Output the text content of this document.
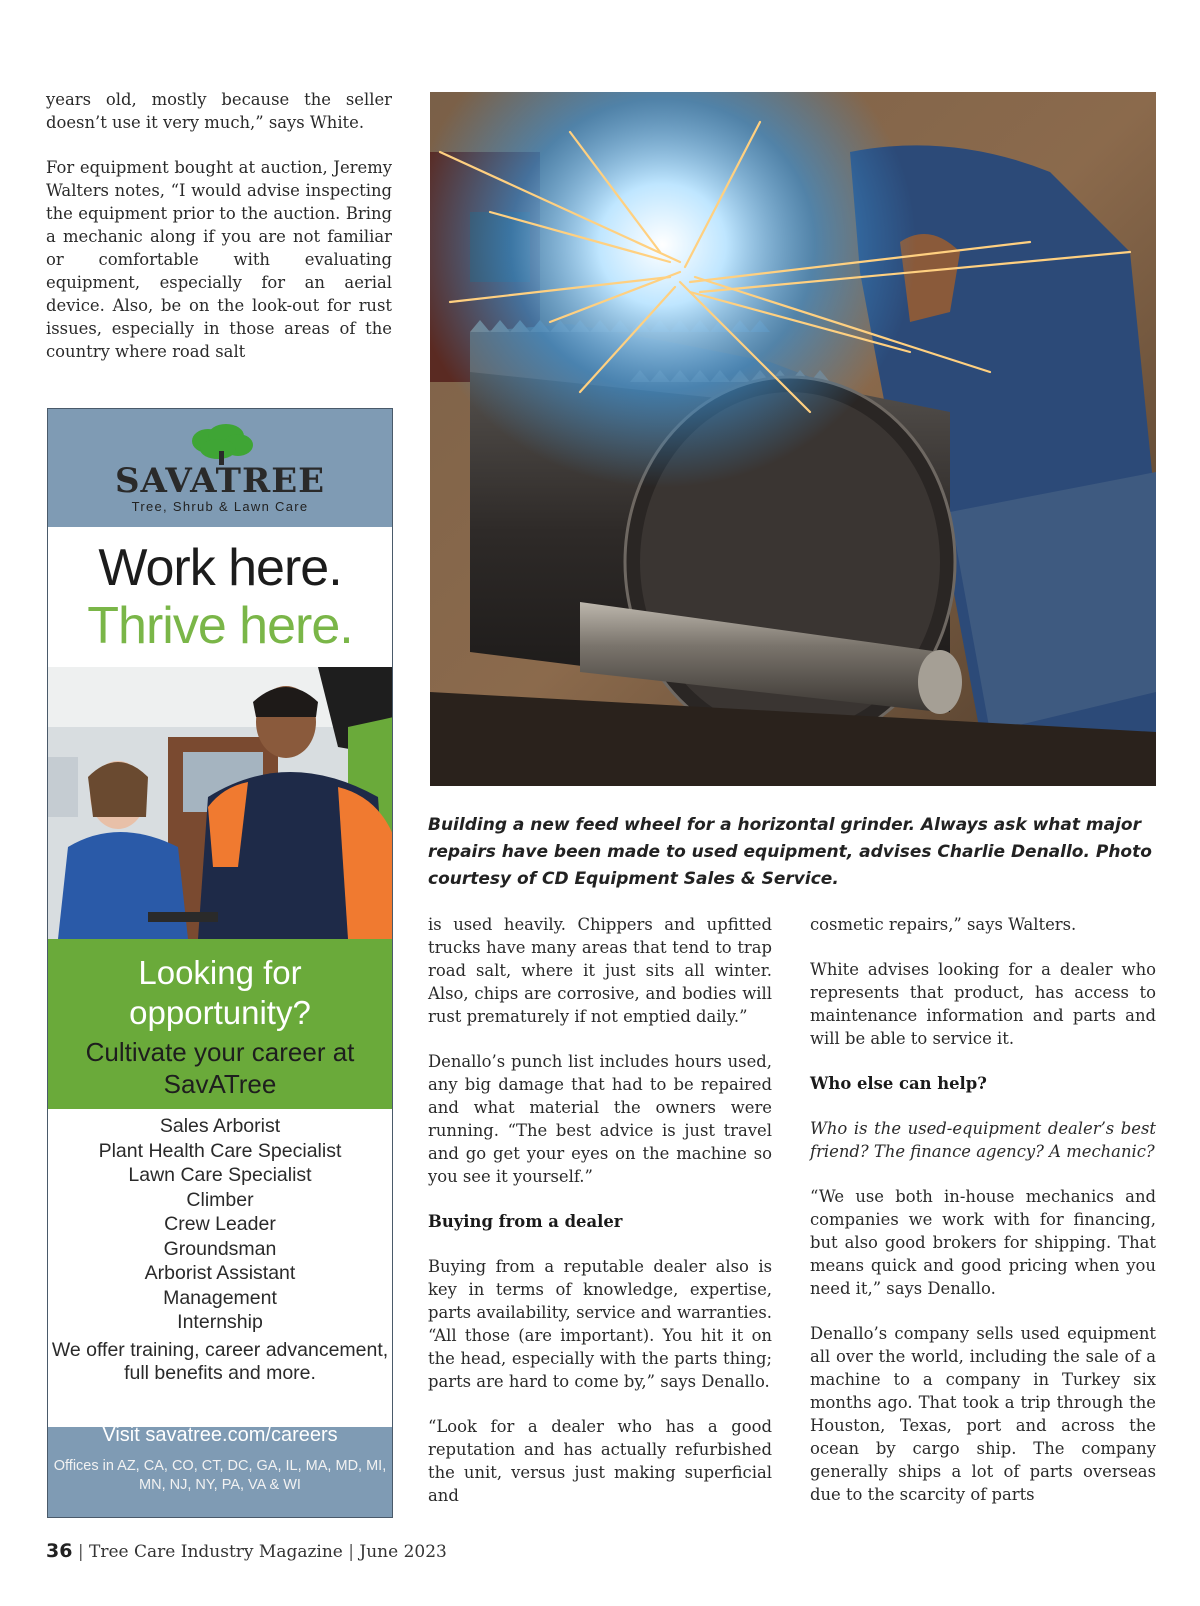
years old, mostly because the seller doesn’t use it very much,” says White.

For equipment bought at auction, Jeremy Walters notes, “I would advise inspecting the equipment prior to the auction. Bring a mechanic along if you are not familiar or comfortable with evaluating equipment, especially for an aerial device. Also, be on the look-out for rust issues, especially in those areas of the country where road salt

Building a new feed wheel for a horizontal grinder. Always ask what major repairs have been made to used equipment, advises Charlie Denallo. Photo courtesy of CD Equipment Sales & Service.

is used heavily. Chippers and upfitted trucks have many areas that tend to trap road salt, where it just sits all winter. Also, chips are corrosive, and bodies will rust prematurely if not emptied daily.”

Denallo’s punch list includes hours used, any big damage that had to be repaired and what material the owners were running. “The best advice is just travel and go get your eyes on the machine so you see it yourself.”

Buying from a dealer

Buying from a reputable dealer also is key in terms of knowledge, expertise, parts availability, service and warranties. “All those (are important). You hit it on the head, especially with the parts thing; parts are hard to come by,” says Denallo.

“Look for a dealer who has a good reputation and has actually refurbished the unit, versus just making superficial and

cosmetic repairs,” says Walters.

White advises looking for a dealer who represents that product, has access to maintenance information and parts and will be able to service it.

Who else can help?

Who is the used-equipment dealer’s best friend? The finance agency? A mechanic?

“We use both in-house mechanics and companies we work with for financing, but also good brokers for shipping. That means quick and good pricing when you need it,” says Denallo.

Denallo’s company sells used equipment all over the world, including the sale of a machine to a company in Turkey six months ago. That took a trip through the Houston, Texas, port and across the ocean by cargo ship. The company generally ships a lot of parts overseas due to the scarcity of parts

SAVATREE
Tree, Shrub & Lawn Care
Work here.
Thrive here.
Looking for opportunity?
Cultivate your career at SavATree
Sales Arborist
Plant Health Care Specialist
Lawn Care Specialist
Climber
Crew Leader
Groundsman
Arborist Assistant
Management
Internship
We offer training, career advancement, full benefits and more.
Visit savatree.com/careers
Offices in AZ, CA, CO, CT, DC, GA, IL, MA, MD, MI, MN, NJ, NY, PA, VA & WI
36 | Tree Care Industry Magazine | June 2023
